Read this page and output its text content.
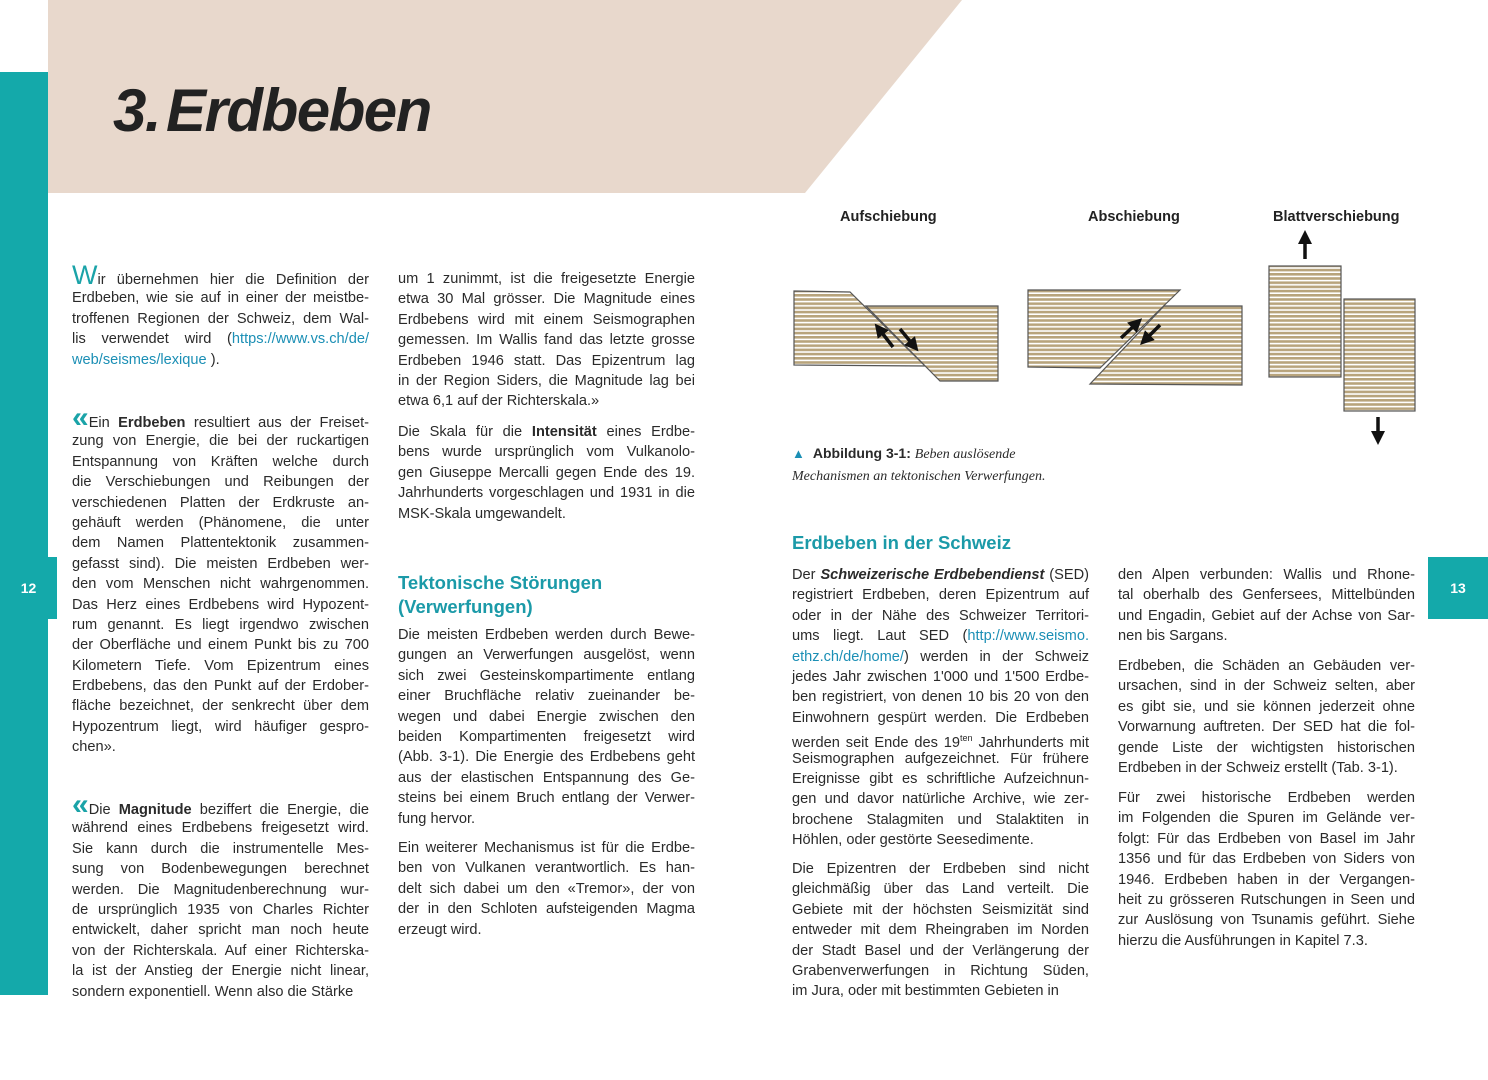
3. Erdbeben
12	13
Wir übernehmen hier die Definition der
Erdbeben, wie sie auf in einer der meistbe-
troffenen Regionen der Schweiz, dem Wal-
lis verwendet wird (https://www.vs.ch/de/
web/seismes/lexique ).
« Ein Erdbeben resultiert aus der Freiset-
zung von Energie, die bei der ruckartigen
Entspannung von Kräften welche durch
die Verschiebungen und Reibungen der
verschiedenen Platten der Erdkruste an-
gehäuft werden (Phänomene, die unter
dem Namen Plattentektonik zusammen-
gefasst sind). Die meisten Erdbeben wer-
den vom Menschen nicht wahrgenommen.
Das Herz eines Erdbebens wird Hypozent-
rum genannt. Es liegt irgendwo zwischen
der Oberfläche und einem Punkt bis zu 700
Kilometern Tiefe. Vom Epizentrum eines
Erdbebens, das den Punkt auf der Erdober-
fläche bezeichnet, der senkrecht über dem
Hypozentrum liegt, wird häufiger gespro-
chen».
« Die Magnitude beziffert die Energie, die
während eines Erdbebens freigesetzt wird.
Sie kann durch die instrumentelle Mes-
sung von Bodenbewegungen berechnet
werden. Die Magnitudenberechnung wur-
de ursprünglich 1935 von Charles Richter
entwickelt, daher spricht man noch heute
von der Richterskala. Auf einer Richterska-
la ist der Anstieg der Energie nicht linear,
sondern exponentiell. Wenn also die Stärke
um 1 zunimmt, ist die freigesetzte Energie
etwa 30 Mal grösser. Die Magnitude eines
Erdbebens wird mit einem Seismographen
gemessen. Im Wallis fand das letzte grosse
Erdbeben 1946 statt. Das Epizentrum lag
in der Region Siders, die Magnitude lag bei
etwa 6,1 auf der Richterskala.»
Die Skala für die Intensität eines Erdbe-
bens wurde ursprünglich vom Vulkanolo-
gen Giuseppe Mercalli gegen Ende des 19.
Jahrhunderts vorgeschlagen und 1931 in die
MSK-Skala umgewandelt.
Tektonische Störungen
(Verwerfungen)
Die meisten Erdbeben werden durch Bewe-
gungen an Verwerfungen ausgelöst, wenn
sich zwei Gesteinskompartimente entlang
einer Bruchfläche relativ zueinander be-
wegen und dabei Energie zwischen den
beiden Kompartimenten freigesetzt wird
(Abb. 3-1). Die Energie des Erdbebens geht
aus der elastischen Entspannung des Ge-
steins bei einem Bruch entlang der Verwer-
fung hervor.
Ein weiterer Mechanismus ist für die Erdbe-
ben von Vulkanen verantwortlich. Es han-
delt sich dabei um den «Tremor», der von
der in den Schloten aufsteigenden Magma
erzeugt wird.
Aufschiebung	Abschiebung	Blattverschiebung
▲ Abbildung 3-1: Beben auslösende
Mechanismen an tektonischen Verwerfungen.
Erdbeben in der Schweiz
Der Schweizerische Erdbebendienst (SED)
registriert Erdbeben, deren Epizentrum auf
oder in der Nähe des Schweizer Territori-
ums liegt. Laut SED (http://www.seismo.
ethz.ch/de/home/) werden in der Schweiz
jedes Jahr zwischen 1'000 und 1'500 Erdbe-
ben registriert, von denen 10 bis 20 von den
Einwohnern gespürt werden. Die Erdbeben
werden seit Ende des $19^{ten}$ Jahrhunderts mit
Seismographen aufgezeichnet. Für frühere
Ereignisse gibt es schriftliche Aufzeichnun-
gen und davor natürliche Archive, wie zer-
brochene Stalagmiten und Stalaktiten in
Höhlen, oder gestörte Seesedimente.
Die Epizentren der Erdbeben sind nicht
gleichmäßig über das Land verteilt. Die
Gebiete mit der höchsten Seismizität sind
entweder mit dem Rheingraben im Norden
der Stadt Basel und der Verlängerung der
Grabenverwerfungen in Richtung Süden,
im Jura, oder mit bestimmten Gebieten in
den Alpen verbunden: Wallis und Rhone-
tal oberhalb des Genfersees, Mittelbünden
und Engadin, Gebiet auf der Achse von Sar-
nen bis Sargans.
Erdbeben, die Schäden an Gebäuden ver-
ursachen, sind in der Schweiz selten, aber
es gibt sie, und sie können jederzeit ohne
Vorwarnung auftreten. Der SED hat die fol-
gende Liste der wichtigsten historischen
Erdbeben in der Schweiz erstellt (Tab. 3-1).
Für zwei historische Erdbeben werden
im Folgenden die Spuren im Gelände ver-
folgt: Für das Erdbeben von Basel im Jahr
1356 und für das Erdbeben von Siders von
1946. Erdbeben haben in der Vergangen-
heit zu grösseren Rutschungen in Seen und
zur Auslösung von Tsunamis geführt. Siehe
hierzu die Ausführungen in Kapitel 7.3.
